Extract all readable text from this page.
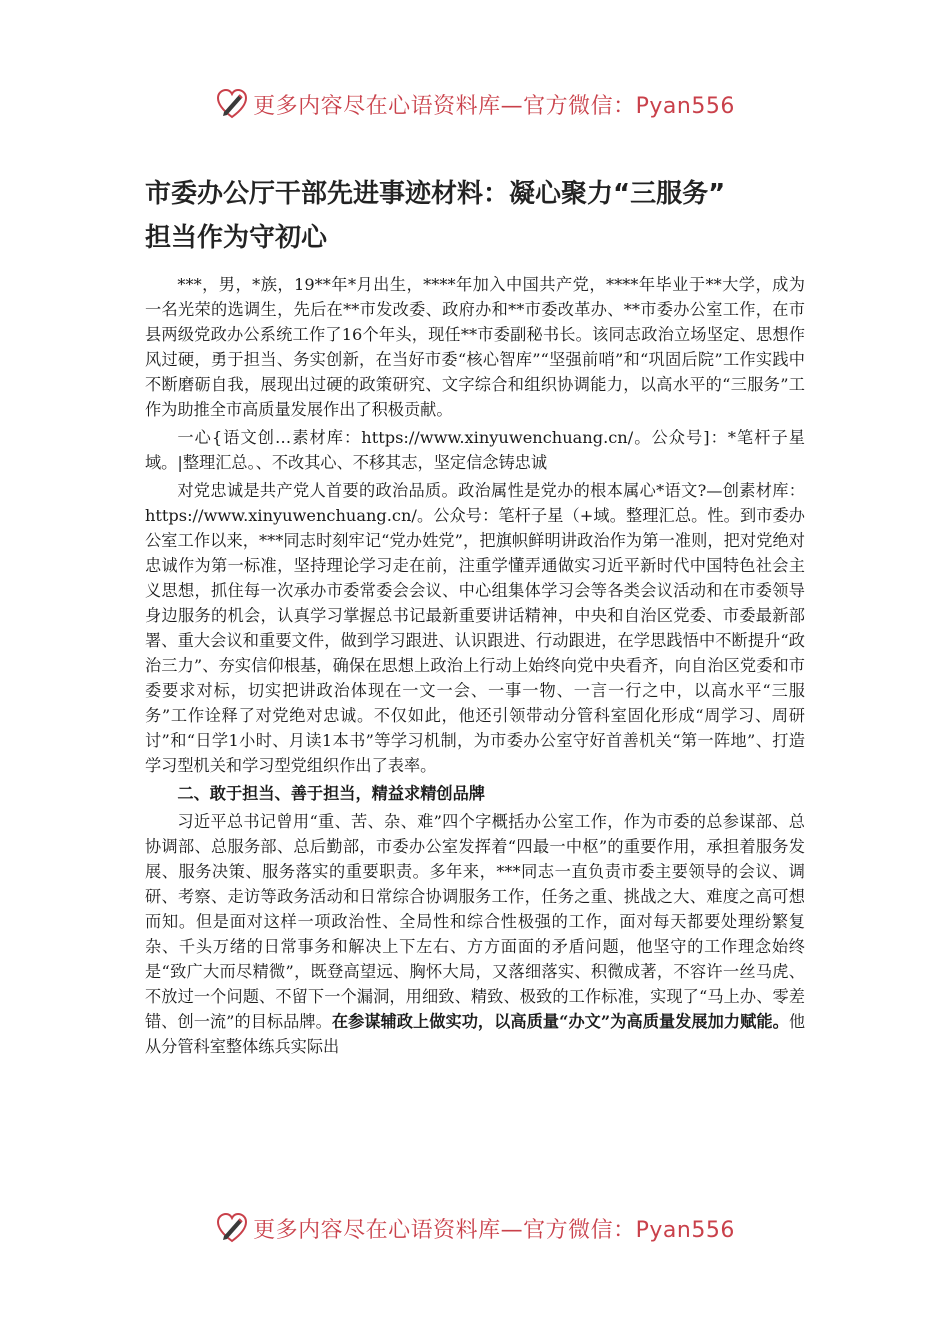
更多内容尽在心语资料库—官方微信：Pyan556
市委办公厅干部先进事迹材料：凝心聚力“三服务”
担当作为守初心

***，男，*族，19**年*月出生，****年加入中国共产党，****年毕业于**大学，成为一名光荣的选调生，先后在**市发改委、政府办和**市委改革办、**市委办公室工作，在市县两级党政办公系统工作了16个年头，现任**市委副秘书长。该同志政治立场坚定、思想作风过硬，勇于担当、务实创新，在当好市委“核心智库”“坚强前哨”和“巩固后院”工作实践中不断磨砺自我，展现出过硬的政策研究、文字综合和组织协调能力，以高水平的“三服务”工作为助推全市高质量发展作出了积极贡献。

一心{语文创…素材库：https://www.xinyuwenchuang.cn/。公众号]：*笔杆子星域。|整理汇总。、不改其心、不移其志，坚定信念铸忠诚

对党忠诚是共产党人首要的政治品质。政治属性是党办的根本属心*语文?—创素材库：https://www.xinyuwenchuang.cn/。公众号：笔杆子星（+域。整理汇总。性。到市委办公室工作以来，***同志时刻牢记“党办姓党”，把旗帜鲜明讲政治作为第一准则，把对党绝对忠诚作为第一标准，坚持理论学习走在前，注重学懂弄通做实习近平新时代中国特色社会主义思想，抓住每一次承办市委常委会会议、中心组集体学习会等各类会议活动和在市委领导身边服务的机会，认真学习掌握总书记最新重要讲话精神，中央和自治区党委、市委最新部署、重大会议和重要文件，做到学习跟进、认识跟进、行动跟进，在学思践悟中不断提升“政治三力”、夯实信仰根基，确保在思想上政治上行动上始终向党中央看齐，向自治区党委和市委要求对标，切实把讲政治体现在一文一会、一事一物、一言一行之中，以高水平“三服务”工作诠释了对党绝对忠诚。不仅如此，他还引领带动分管科室固化形成“周学习、周研讨”和“日学1小时、月读1本书”等学习机制，为市委办公室守好首善机关“第一阵地”、打造学习型机关和学习型党组织作出了表率。

二、敢于担当、善于担当，精益求精创品牌

习近平总书记曾用“重、苦、杂、难”四个字概括办公室工作，作为市委的总参谋部、总协调部、总服务部、总后勤部，市委办公室发挥着“四最一中枢”的重要作用，承担着服务发展、服务决策、服务落实的重要职责。多年来，***同志一直负责市委主要领导的会议、调研、考察、走访等政务活动和日常综合协调服务工作，任务之重、挑战之大、难度之高可想而知。但是面对这样一项政治性、全局性和综合性极强的工作，面对每天都要处理纷繁复杂、千头万绪的日常事务和解决上下左右、方方面面的矛盾问题，他坚守的工作理念始终是“致广大而尽精微”，既登高望远、胸怀大局，又落细落实、积微成著，不容许一丝马虎、不放过一个问题、不留下一个漏洞，用细致、精致、极致的工作标准，实现了“马上办、零差错、创一流”的目标品牌。在参谋辅政上做实功，以高质量“办文”为高质量发展加力赋能。他从分管科室整体练兵实际出

更多内容尽在心语资料库—官方微信：Pyan556
